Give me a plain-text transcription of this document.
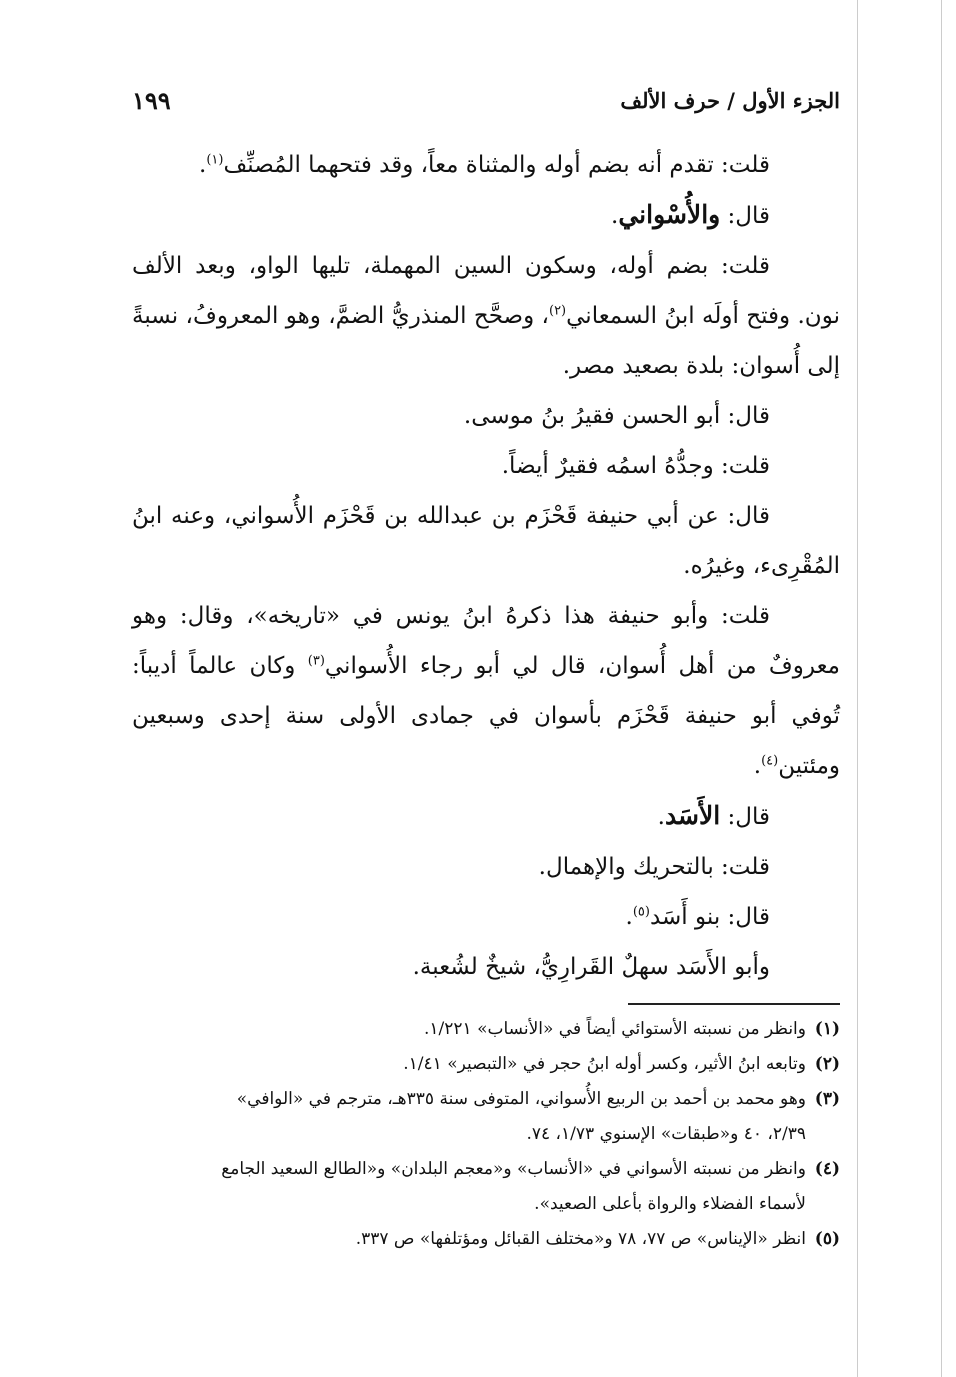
الجزء الأول / حرف الألف
١٩٩

قلت: تقدم أنه بضم أوله والمثناة معاً، وقد فتحهما المُصنِّف$^{(١)}$.

قال: والأُسْواني.

قلت: بضم أوله، وسكون السين المهملة، تليها الواو، وبعد الألف نون. وفتح أولَه ابنُ السمعاني$^{(٢)}$، وصحَّح المنذريُّ الضمَّ، وهو المعروفُ، نسبةً إلى أُسوان: بلدة بصعيد مصر.

قال: أبو الحسن فقيرُ بنُ موسى.

قلت: وجدُّهُ اسمُه فقيرٌ أيضاً.

قال: عن أبي حنيفة قَحْزَم بن عبدالله بن قَحْزَم الأُسواني، وعنه ابنُ المُقْرِىء، وغيرُه.

قلت: وأبو حنيفة هذا ذكرهُ ابنُ يونس في «تاريخه»، وقال: وهو معروفٌ من أهل أُسوان، قال لي أبو رجاء الأُسواني$^{(٣)}$ وكان عالماً أديباً: تُوفي أبو حنيفة قَحْزَم بأسوان في جمادى الأولى سنة إحدى وسبعين ومئتين$^{(٤)}$.

قال: الأَسَد.

قلت: بالتحريك والإهمال.

قال: بنو أَسَد$^{(٥)}$.

وأبو الأَسَد سهلٌ القَرارِيُّ، شيخٌ لشُعبة.

(١)وانظر من نسبته الأستوائي أيضاً في «الأنساب» ١/٢٢١.

(٢)وتابعه ابنُ الأثير، وكسر أوله ابنُ حجر في «التبصير» ١/٤١.

(٣)وهو محمد بن أحمد بن الربيع الأُسواني، المتوفى سنة ٣٣٥هـ، مترجم في «الوافي»
٢/٣٩، ٤٠ و«طبقات» الإسنوي ١/٧٣، ٧٤.

(٤)وانظر من نسبته الأسواني في «الأنساب» و«معجم البلدان» و«الطالع السعيد الجامع
لأسماء الفضلاء والرواة بأعلى الصعيد».

(٥)انظر «الإيناس» ص ٧٧، ٧٨ و«مختلف القبائل ومؤتلفها» ص ٣٣٧.
